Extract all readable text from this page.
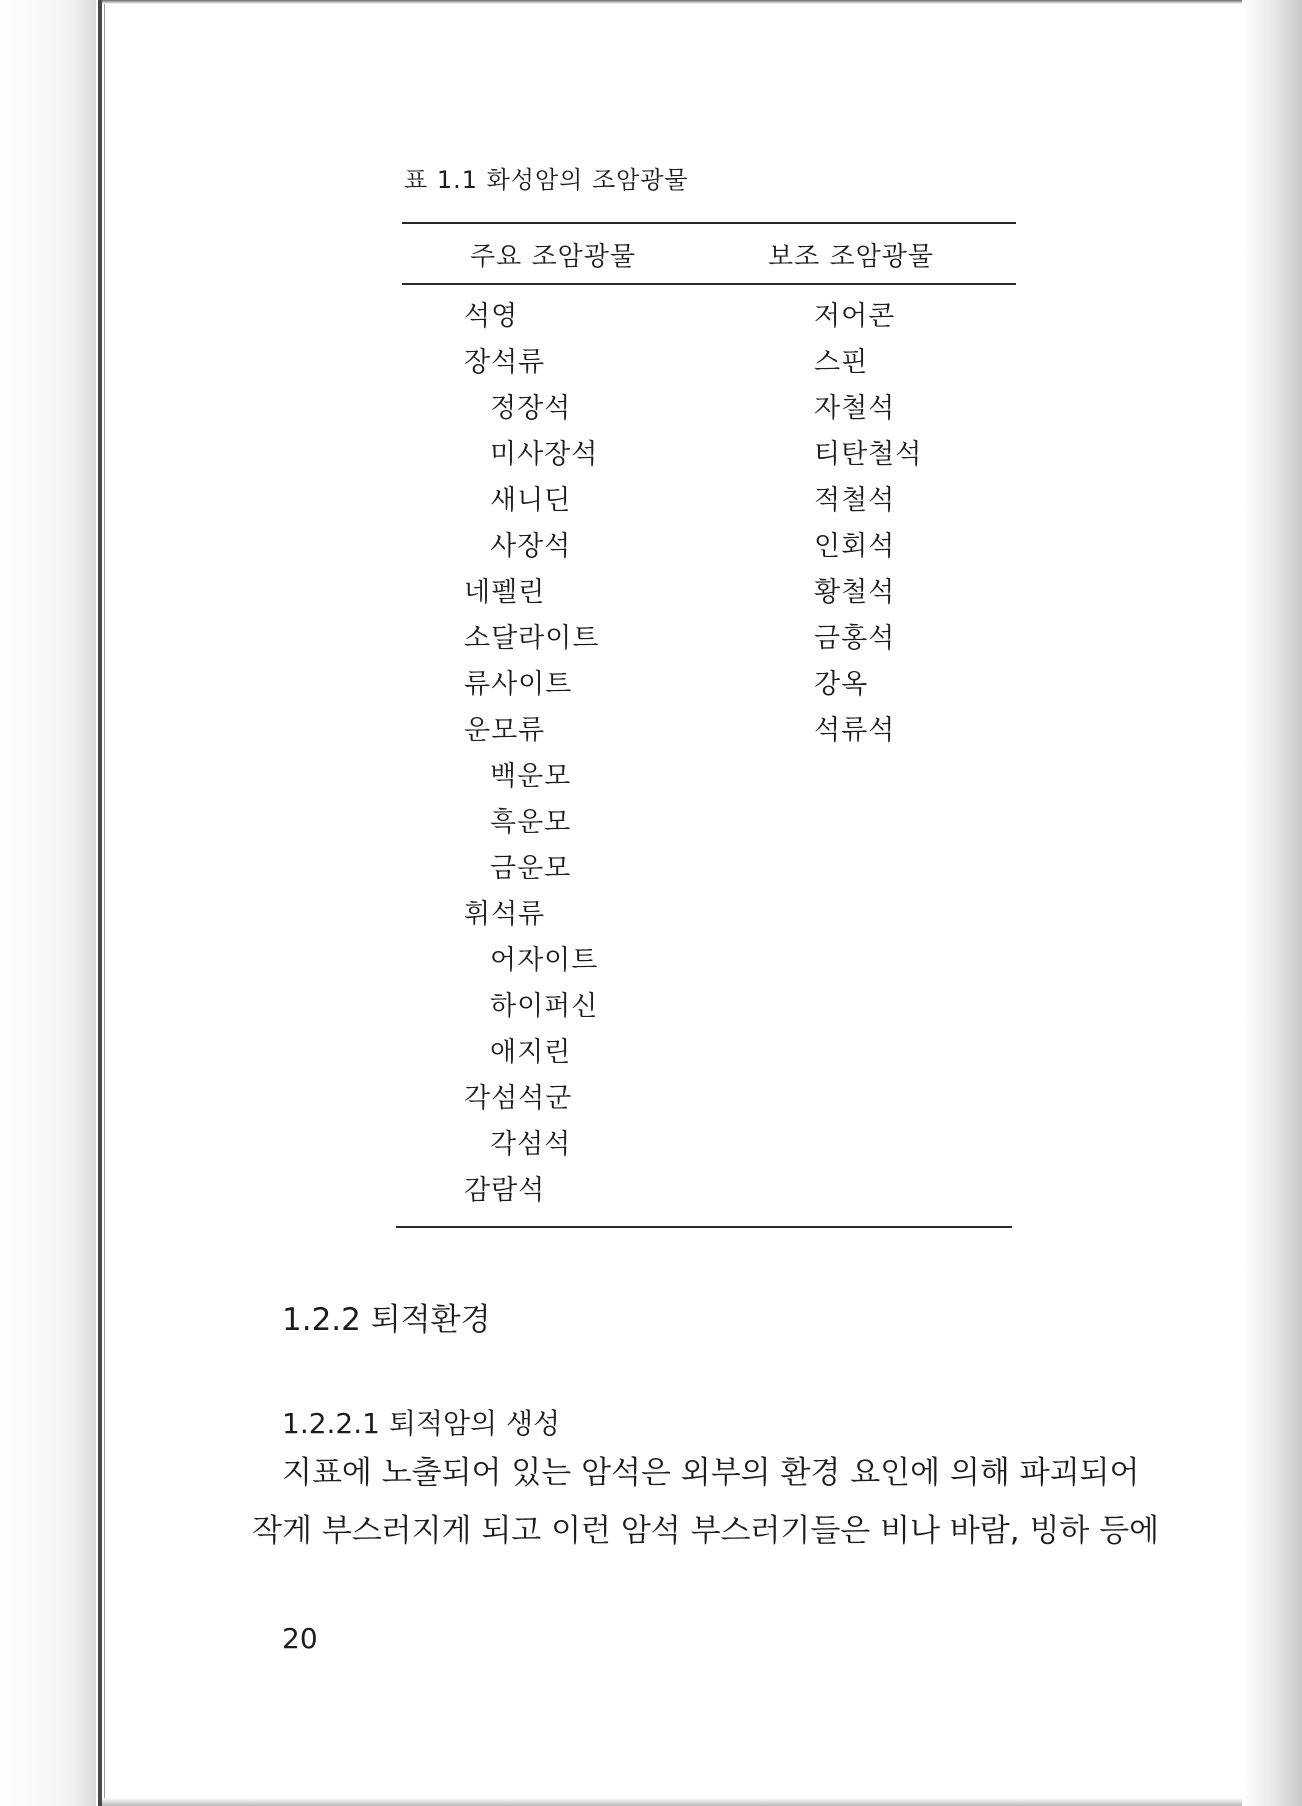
표 1.1 화성암의 조암광물
주요 조암광물	보조 조암광물
석영
장석류
정장석
미사장석
새니딘
사장석
네펠린
소달라이트
류사이트
운모류
백운모
흑운모
금운모
휘석류
어자이트
하이퍼신
애지린
각섬석군
각섬석
감람석
저어콘
스핀
자철석
티탄철석
적철석
인회석
황철석
금홍석
강옥
석류석
1.2.2 퇴적환경
1.2.2.1 퇴적암의 생성

지표에 노출되어 있는 암석은 외부의 환경 요인에 의해 파괴되어
작게 부스러지게 되고 이런 암석 부스러기들은 비나 바람, 빙하 등에

20
